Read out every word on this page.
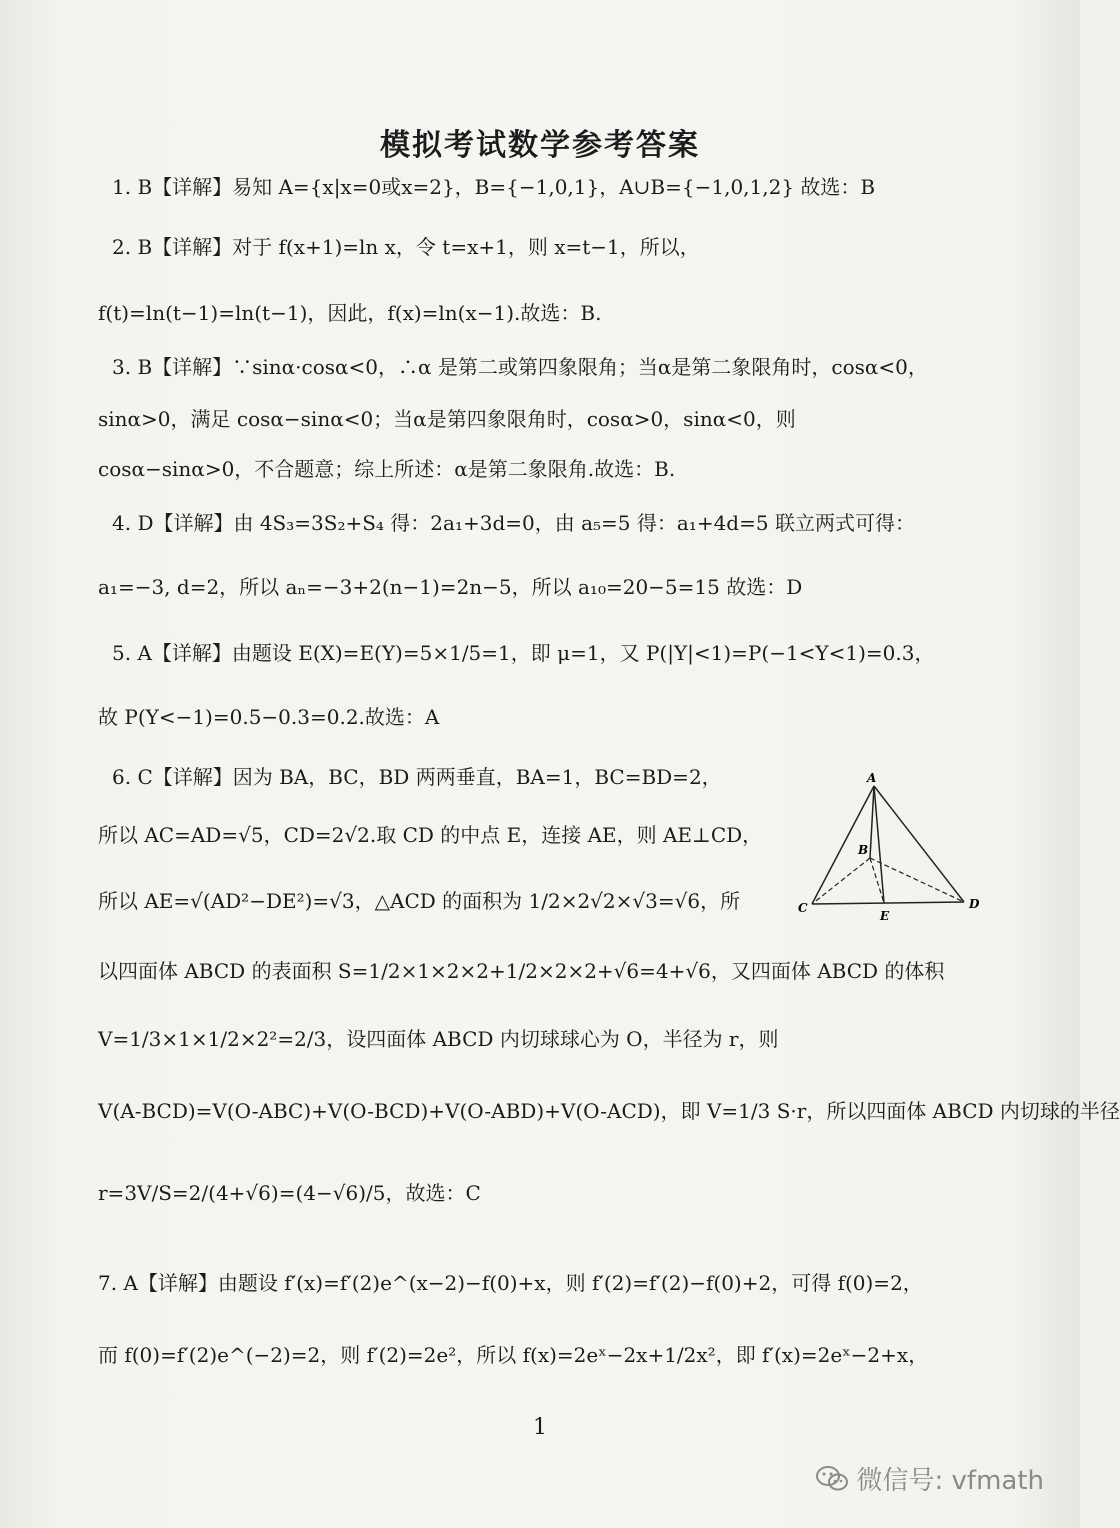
模拟考试数学参考答案
1. B【详解】易知 A={x|x=0或x=2}，B={−1,0,1}，A∪B={−1,0,1,2} 故选：B
2. B【详解】对于 f(x+1)=ln x，令 t=x+1，则 x=t−1，所以，
f(t)=ln(t−1)=ln(t−1)，因此，f(x)=ln(x−1).故选：B.
3. B【详解】∵sinα·cosα<0，∴α 是第二或第四象限角；当α是第二象限角时，cosα<0，
sinα>0，满足 cosα−sinα<0；当α是第四象限角时，cosα>0，sinα<0，则
cosα−sinα>0，不合题意；综上所述：α是第二象限角.故选：B.
4. D【详解】由 4S₃=3S₂+S₄ 得：2a₁+3d=0，由 a₅=5 得：a₁+4d=5 联立两式可得：
a₁=−3, d=2，所以 aₙ=−3+2(n−1)=2n−5，所以 a₁₀=20−5=15 故选：D
5. A【详解】由题设 E(X)=E(Y)=5×1/5=1，即 μ=1，又 P(|Y|<1)=P(−1<Y<1)=0.3，
故 P(Y<−1)=0.5−0.3=0.2.故选：A
6. C【详解】因为 BA，BC，BD 两两垂直，BA=1，BC=BD=2，
所以 AC=AD=√5，CD=2√2.取 CD 的中点 E，连接 AE，则 AE⊥CD，
所以 AE=√(AD²−DE²)=√3，△ACD 的面积为 1/2×2√2×√3=√6，所
以四面体 ABCD 的表面积 S=1/2×1×2×2+1/2×2×2+√6=4+√6，又四面体 ABCD 的体积
V=1/3×1×1/2×2²=2/3，设四面体 ABCD 内切球球心为 O，半径为 r，则
V(A-BCD)=V(O-ABC)+V(O-BCD)+V(O-ABD)+V(O-ACD)，即 V=1/3 S·r，所以四面体 ABCD 内切球的半径
r=3V/S=2/(4+√6)=(4−√6)/5，故选：C
7. A【详解】由题设 f′(x)=f′(2)e^(x−2)−f(0)+x，则 f′(2)=f′(2)−f(0)+2，可得 f(0)=2，
而 f(0)=f′(2)e^(−2)=2，则 f′(2)=2e²，所以 f(x)=2eˣ−2x+1/2x²，即 f′(x)=2eˣ−2+x，
A
B
C	D
E
1
微信号: vfmath
